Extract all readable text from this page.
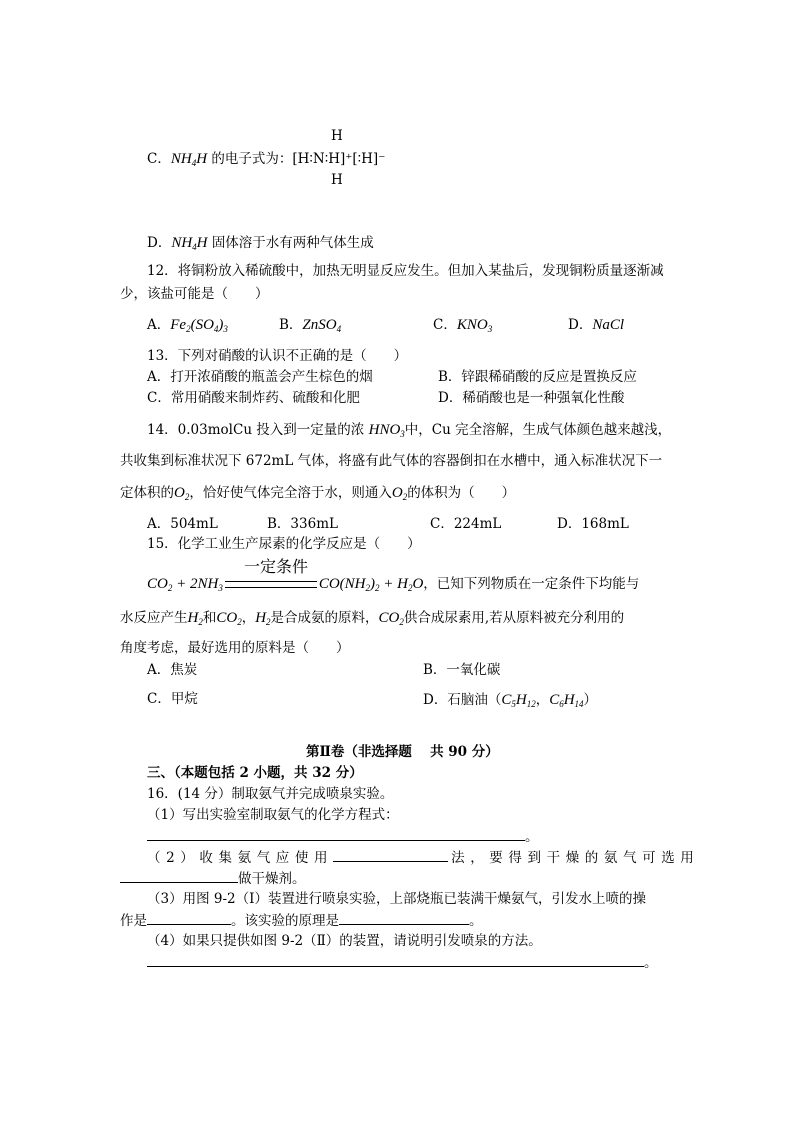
H
C．$NH_4H$ 的电子式为：[H∶N∶H]⁺[∶H]⁻
H
D．$NH_4H$ 固体溶于水有两种气体生成
12．将铜粉放入稀硫酸中，加热无明显反应发生。但加入某盐后，发现铜粉质量逐渐减
少，该盐可能是（　　）
A．$Fe_2(SO_4)_3$	B．ZnSO$_4$	C．$KNO_3$	D．NaCl
13．下列对硝酸的认识不正确的是（　　）
A．打开浓硝酸的瓶盖会产生棕色的烟	B．锌跟稀硝酸的反应是置换反应
C．常用硝酸来制炸药、硫酸和化肥	D．稀硝酸也是一种强氧化性酸
14．0.03molCu 投入到一定量的浓 $HNO_3$中，Cu 完全溶解，生成气体颜色越来越浅，
共收集到标准状况下 672mL 气体，将盛有此气体的容器倒扣在水槽中，通入标准状况下一
定体积的$O_2$，恰好使气体完全溶于水，则通入$O_2$的体积为（　　）
A．504mL	B．336mL	C．224mL	D．168mL
15．化学工业生产尿素的化学反应是（　　）
一定条件
$CO_2 + 2NH_3$	$CO(NH_2)_2 + H_2O$，已知下列物质在一定条件下均能与
水反应产生$H_2$和$CO_2$，$H_2$是合成氨的原料，$CO_2$供合成尿素用,若从原料被充分利用的
角度考虑，最好选用的原料是（　　）
A．焦炭	B．一氧化碳
C．甲烷	D．石脑油（$C_5H_{12}$，$C_6H_{14}$）
第Ⅱ卷（非选择题　 共 90 分）
三、（本题包括 2 小题，共 32 分）
16．(14 分）制取氨气并完成喷泉实验。
（1）写出实验室制取氨气的化学方程式：
。
（2）收集氨气应使用	法，要得到干燥的氨气可选用
做干燥剂。
（3）用图 9-2（Ⅰ）装置进行喷泉实验，上部烧瓶已装满干燥氨气，引发水上喷的操
作是	。该实验的原理是	。
（4）如果只提供如图 9-2（Ⅱ）的装置，请说明引发喷泉的方法。
。
